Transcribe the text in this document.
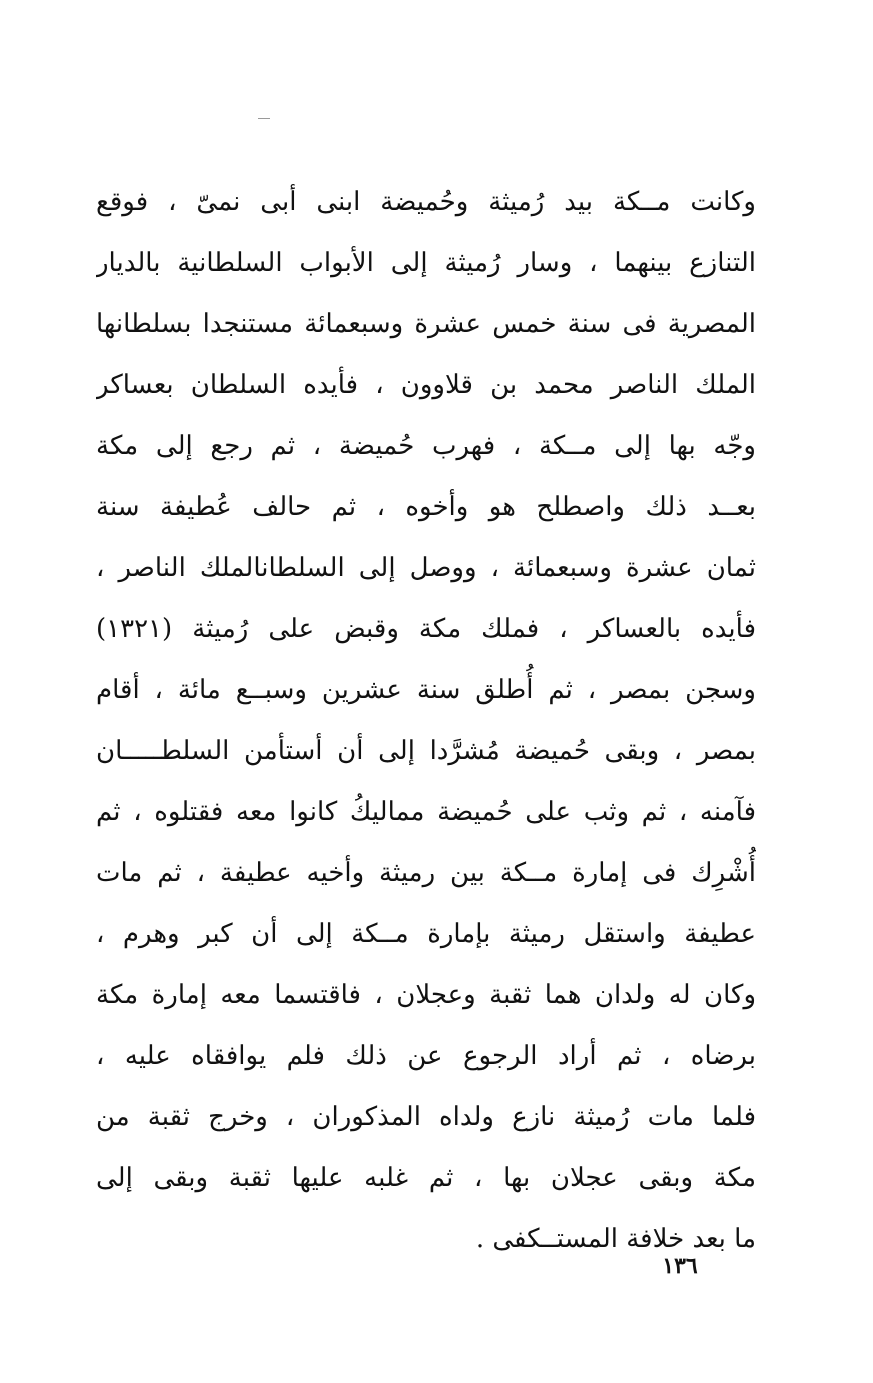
وكانت مــكة بيد رُميثة وحُميضة ابنى أبى نمىّ ، فوقع
التنازع بينهما ، وسار رُميثة إلى الأبواب السلطانية بالديار
المصرية فى سنة خمس عشرة وسبعمائة مستنجدا بسلطانها
الملك الناصر محمد بن قلاوون ، فأيده السلطان بعساكر
وجّه بها إلى مــكة ، فهرب حُميضة ، ثم رجع إلى مكة
بعــد ذلك واصطلح هو وأخوه ، ثم حالف عُطيفة سنة
ثمان عشرة وسبعمائة ، ووصل إلى السلطانالملك الناصر ،
فأيده بالعساكر ، فملك مكة وقبض على رُميثة (١٣٢١)
وسجن بمصر ، ثم أُطلق سنة عشرين وسبــع مائة ، أقام
بمصر ، وبقى حُميضة مُشرَّدا إلى أن أستأمن السلطـــــان
فآمنه ، ثم وثب على حُميضة مماليكُ كانوا معه فقتلوه ، ثم
أُشْرِك فى إمارة مــكة بين رميثة وأخيه عطيفة ، ثم مات
عطيفة واستقل رميثة بإمارة مــكة إلى أن كبر وهرم ،
وكان له ولدان هما ثقبة وعجلان ، فاقتسما معه إمارة مكة
برضاه ، ثم أراد الرجوع عن ذلك فلم يوافقاه عليه ،
فلما مات رُميثة نازع ولداه المذكوران ، وخرج ثقبة من
مكة وبقى عجلان بها ، ثم غلبه عليها ثقبة وبقى إلى
ما بعد خلافة المستــكفى .
١٣٦
